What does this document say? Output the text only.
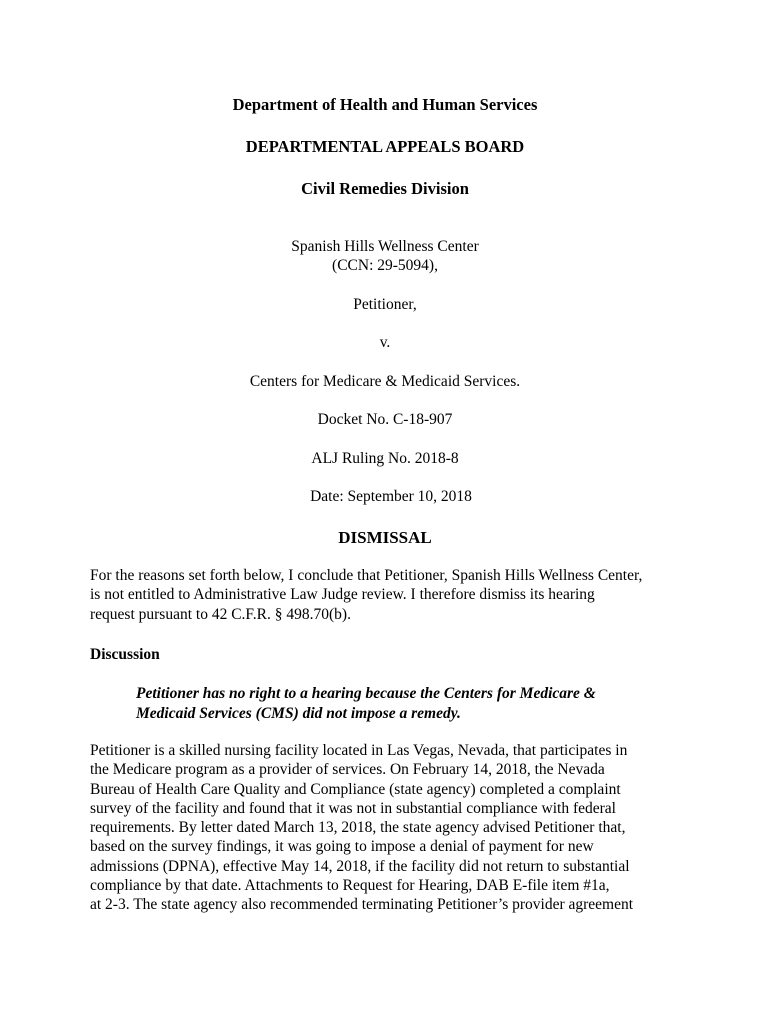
Department of Health and Human Services
DEPARTMENTAL APPEALS BOARD
Civil Remedies Division
Spanish Hills Wellness Center
(CCN: 29-5094),
Petitioner,
v.
Centers for Medicare & Medicaid Services.
Docket No. C-18-907
ALJ Ruling No. 2018-8
Date: September 10, 2018
DISMISSAL
For the reasons set forth below, I conclude that Petitioner, Spanish Hills Wellness Center,
is not entitled to Administrative Law Judge review. I therefore dismiss its hearing
request pursuant to 42 C.F.R. § 498.70(b).
Discussion
Petitioner has no right to a hearing because the Centers for Medicare &
Medicaid Services (CMS) did not impose a remedy.
Petitioner is a skilled nursing facility located in Las Vegas, Nevada, that participates in
the Medicare program as a provider of services. On February 14, 2018, the Nevada
Bureau of Health Care Quality and Compliance (state agency) completed a complaint
survey of the facility and found that it was not in substantial compliance with federal
requirements. By letter dated March 13, 2018, the state agency advised Petitioner that,
based on the survey findings, it was going to impose a denial of payment for new
admissions (DPNA), effective May 14, 2018, if the facility did not return to substantial
compliance by that date. Attachments to Request for Hearing, DAB E-file item #1a,
at 2-3. The state agency also recommended terminating Petitioner’s provider agreement
